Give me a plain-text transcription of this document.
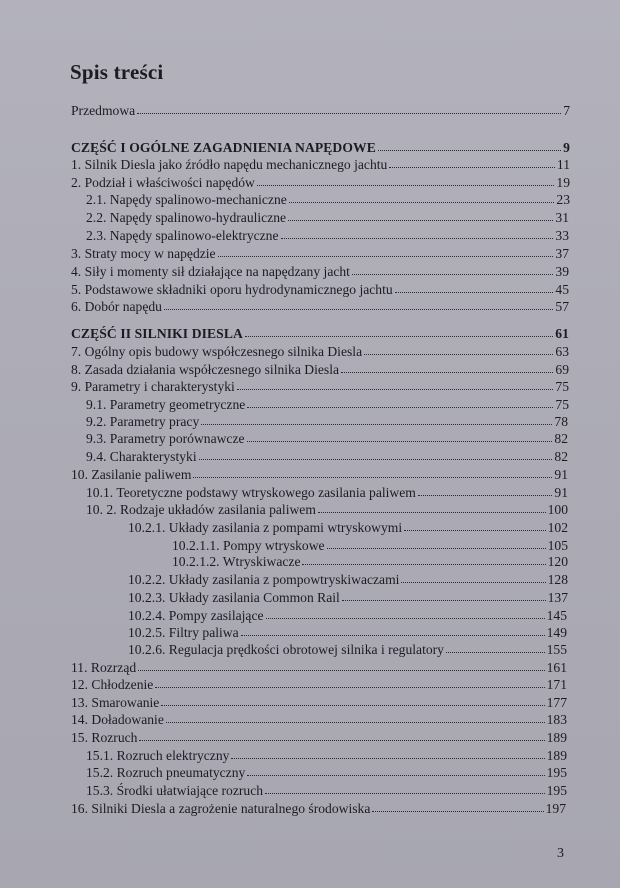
Spis treści
Przedmowa	7
CZĘŚĆ I OGÓLNE ZAGADNIENIA NAPĘDOWE	9
1. Silnik Diesla jako źródło napędu mechanicznego jachtu	11
2. Podział i właściwości napędów	19
2.1. Napędy spalinowo-mechaniczne	23
2.2. Napędy spalinowo-hydrauliczne	31
2.3. Napędy spalinowo-elektryczne	33
3. Straty mocy w napędzie	37
4. Siły i momenty sił działające na napędzany jacht	39
5. Podstawowe składniki oporu hydrodynamicznego jachtu	45
6. Dobór napędu	57
CZĘŚĆ II SILNIKI DIESLA	61
7. Ogólny opis budowy współczesnego silnika Diesla	63
8. Zasada działania współczesnego silnika Diesla	69
9. Parametry i charakterystyki	75
9.1. Parametry geometryczne	75
9.2. Parametry pracy	78
9.3. Parametry porównawcze	82
9.4. Charakterystyki	82
10. Zasilanie paliwem	91
10.1. Teoretyczne podstawy wtryskowego zasilania paliwem	91
10. 2. Rodzaje układów zasilania paliwem	100
10.2.1. Układy zasilania z pompami wtryskowymi	102
10.2.1.1. Pompy wtryskowe	105
10.2.1.2. Wtryskiwacze	120
10.2.2. Układy zasilania z pompowtryskiwaczami	128
10.2.3. Układy zasilania Common Rail	137
10.2.4. Pompy zasilające	145
10.2.5. Filtry paliwa	149
10.2.6. Regulacja prędkości obrotowej silnika i regulatory	155
11. Rozrząd	161
12. Chłodzenie	171
13. Smarowanie	177
14. Doładowanie	183
15. Rozruch	189
15.1. Rozruch elektryczny	189
15.2. Rozruch pneumatyczny	195
15.3. Środki ułatwiające rozruch	195
16. Silniki Diesla a zagrożenie naturalnego środowiska	197
3
